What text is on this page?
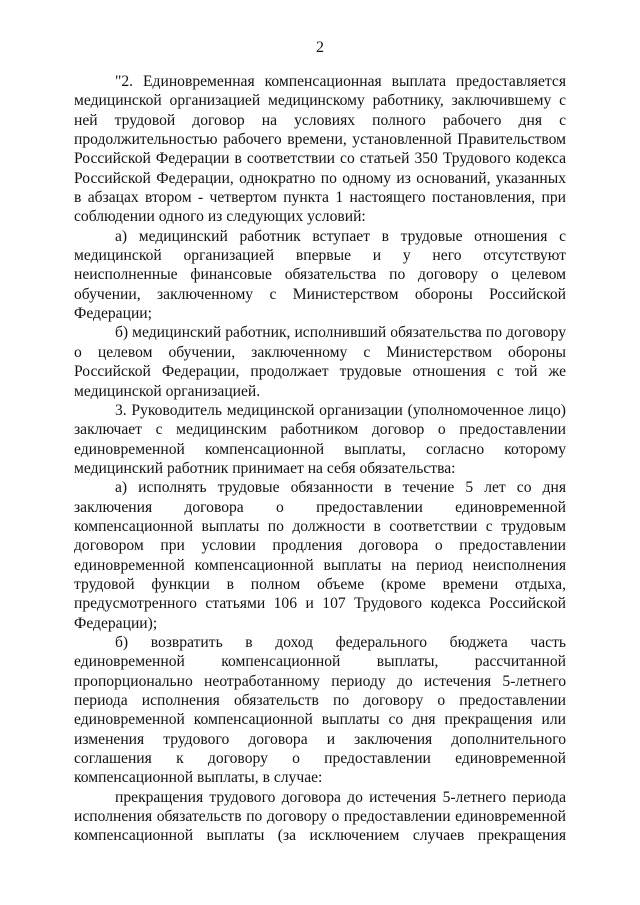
2

"2. Единовременная компенсационная выплата предоставляется медицинской организацией медицинскому работнику, заключившему с ней трудовой договор на условиях полного рабочего дня с продолжительностью рабочего времени, установленной Правительством Российской Федерации в соответствии со статьей 350 Трудового кодекса Российской Федерации, однократно по одному из оснований, указанных в абзацах втором - четвертом пункта 1 настоящего постановления, при соблюдении одного из следующих условий:

а) медицинский работник вступает в трудовые отношения с медицинской организацией впервые и у него отсутствуют неисполненные финансовые обязательства по договору о целевом обучении, заключенному с Министерством обороны Российской Федерации;

б) медицинский работник, исполнивший обязательства по договору о целевом обучении, заключенному с Министерством обороны Российской Федерации, продолжает трудовые отношения с той же медицинской организацией.

3. Руководитель медицинской организации (уполномоченное лицо) заключает с медицинским работником договор о предоставлении единовременной компенсационной выплаты, согласно которому медицинский работник принимает на себя обязательства:

а) исполнять трудовые обязанности в течение 5 лет со дня заключения договора о предоставлении единовременной компенсационной выплаты по должности в соответствии с трудовым договором при условии продления договора о предоставлении единовременной компенсационной выплаты на период неисполнения трудовой функции в полном объеме (кроме времени отдыха, предусмотренного статьями 106 и 107 Трудового кодекса Российской Федерации);

б) возвратить в доход федерального бюджета часть единовременной компенсационной выплаты, рассчитанной пропорционально неотработанному периоду до истечения 5-летнего периода исполнения обязательств по договору о предоставлении единовременной компенсационной выплаты со дня прекращения или изменения трудового договора и заключения дополнительного соглашения к договору о предоставлении единовременной компенсационной выплаты, в случае:

прекращения трудового договора до истечения 5-летнего периода исполнения обязательств по договору о предоставлении единовременной компенсационной выплаты (за исключением случаев прекращения
